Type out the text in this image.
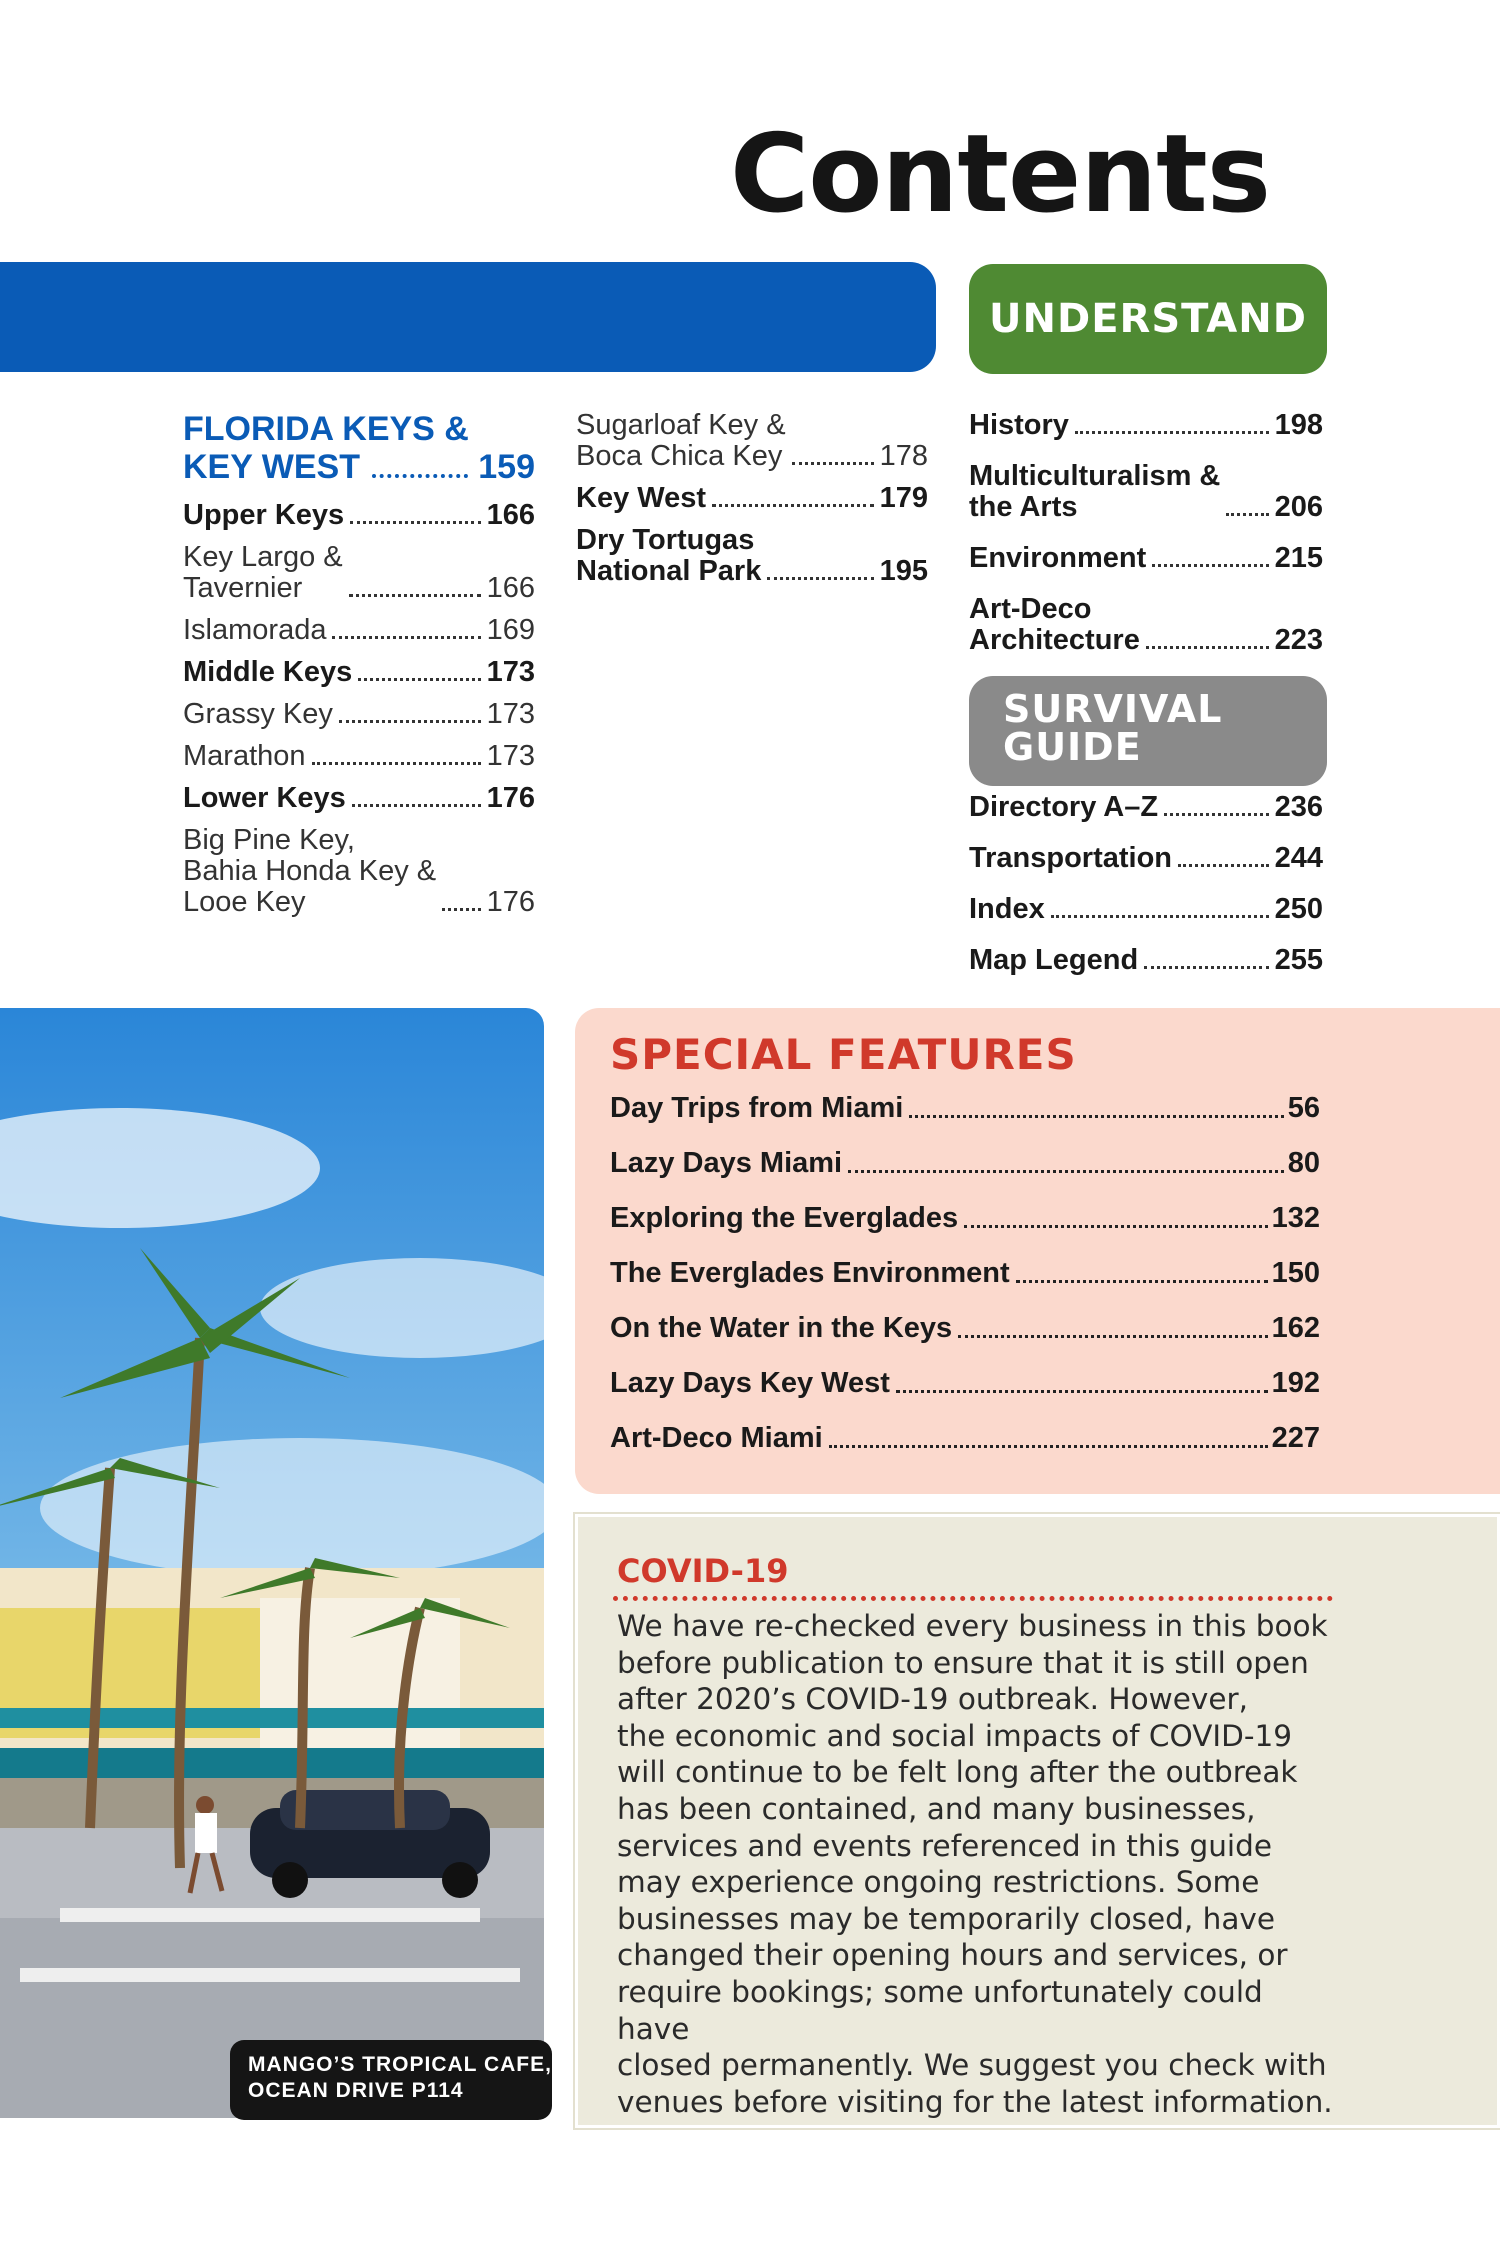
Contents
UNDERSTAND
FLORIDA KEYS &
KEY WEST	159
Upper Keys	166
Key Largo &
Tavernier	166
Islamorada	169
Middle Keys	173
Grassy Key	173
Marathon	173
Lower Keys	176
Big Pine Key,
Bahia Honda Key &
Looe Key	176
Sugarloaf Key &
Boca Chica Key	178
Key West	179
Dry Tortugas
National Park	195
History	198
Multiculturalism &
the Arts	206
Environment	215
Art-Deco
Architecture	223
SURVIVAL
GUIDE
Directory A–Z	236
Transportation	244
Index	250
Map Legend	255
MANGO’S TROPICAL CAFE,
OCEAN DRIVE P114
SPECIAL FEATURES
Day Trips from Miami	56
Lazy Days Miami	80
Exploring the Everglades	132
The Everglades Environment	150
On the Water in the Keys	162
Lazy Days Key West	192
Art-Deco Miami	227
COVID-19
We have re-checked every business in this book
before publication to ensure that it is still open
after 2020’s COVID-19 outbreak. However,
the economic and social impacts of COVID-19
will continue to be felt long after the outbreak
has been contained, and many businesses,
services and events referenced in this guide
may experience ongoing restrictions. Some
businesses may be temporarily closed, have
changed their opening hours and services, or
require bookings; some unfortunately could have
closed permanently. We suggest you check with
venues before visiting for the latest information.
